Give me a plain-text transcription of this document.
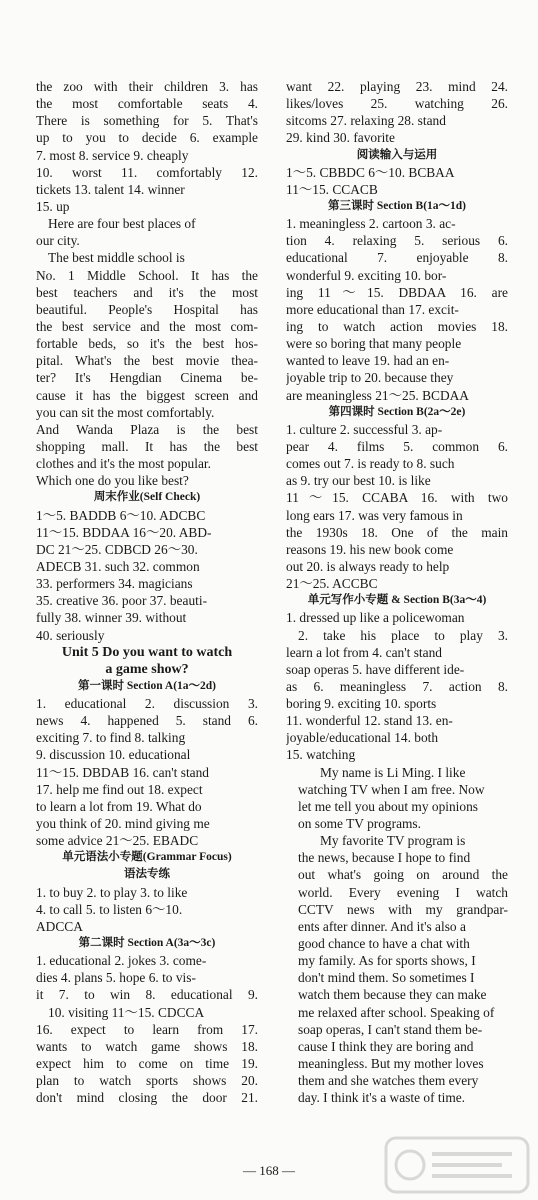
the zoo with their children 3. has
the most comfortable seats 4.
There is something for 5. That's
up to you to decide 6. example
7. most 8. service 9. cheaply
10. worst 11. comfortably 12.
tickets 13. talent 14. winner
15. up
Here are four best places of
our city.
The best middle school is
No. 1 Middle School. It has the
best teachers and it's the most
beautiful. People's Hospital has
the best service and the most com-
fortable beds, so it's the best hos-
pital. What's the best movie thea-
ter? It's Hengdian Cinema be-
cause it has the biggest screen and
you can sit the most comfortably.
And Wanda Plaza is the best
shopping mall. It has the best
clothes and it's the most popular.
Which one do you like best?
周末作业(Self Check)
1～5. BADDB 6～10. ADCBC
11～15. BDDAA 16～20. ABD-
DC 21～25. CDBCD 26～30.
ADECB 31. such 32. common
33. performers 34. magicians
35. creative 36. poor 37. beauti-
fully 38. winner 39. without
40. seriously
Unit 5 Do you want to watch
a game show?
第一课时 Section A(1a～2d)
1. educational 2. discussion 3.
news 4. happened 5. stand 6.
exciting 7. to find 8. talking
9. discussion 10. educational
11～15. DBDAB 16. can't stand
17. help me find out 18. expect
to learn a lot from 19. What do
you think of 20. mind giving me
some advice 21～25. EBADC
单元语法小专题(Grammar Focus)
语法专练
1. to buy 2. to play 3. to like
4. to call 5. to listen 6～10.
ADCCA
第二课时 Section A(3a～3c)
1. educational 2. jokes 3. come-
dies 4. plans 5. hope 6. to vis-
it 7. to win 8. educational 9.
10. visiting 11～15. CDCCA
16. expect to learn from 17.
wants to watch game shows 18.
expect him to come on time 19.
plan to watch sports shows 20.
don't mind closing the door 21.
want 22. playing 23. mind 24.
likes/loves 25. watching 26.
sitcoms 27. relaxing 28. stand
29. kind 30. favorite
阅读输入与运用
1～5. CBBDC 6～10. BCBAA
11～15. CCACB
第三课时 Section B(1a～1d)
1. meaningless 2. cartoon 3. ac-
tion 4. relaxing 5. serious 6.
educational 7. enjoyable 8.
wonderful 9. exciting 10. bor-
ing 11～15. DBDAA 16. are
more educational than 17. excit-
ing to watch action movies 18.
were so boring that many people
wanted to leave 19. had an en-
joyable trip to 20. because they
are meaningless 21～25. BCDAA
第四课时 Section B(2a～2e)
1. culture 2. successful 3. ap-
pear 4. films 5. common 6.
comes out 7. is ready to 8. such
as 9. try our best 10. is like
11～15. CCABA 16. with two
long ears 17. was very famous in
the 1930s 18. One of the main
reasons 19. his new book come
out 20. is always ready to help
21～25. ACCBC
单元写作小专题 & Section B(3a～4)
1. dressed up like a policewoman
2. take his place to play 3.
learn a lot from 4. can't stand
soap operas 5. have different ide-
as 6. meaningless 7. action 8.
boring 9. exciting 10. sports
11. wonderful 12. stand 13. en-
joyable/educational 14. both
15. watching
My name is Li Ming. I like
watching TV when I am free. Now
let me tell you about my opinions
on some TV programs.
My favorite TV program is
the news, because I hope to find
out what's going on around the
world. Every evening I watch
CCTV news with my grandpar-
ents after dinner. And it's also a
good chance to have a chat with
my family. As for sports shows, I
don't mind them. So sometimes I
watch them because they can make
me relaxed after school. Speaking of
soap operas, I can't stand them be-
cause I think they are boring and
meaningless. But my mother loves
them and she watches them every
day. I think it's a waste of time.
— 168 —
